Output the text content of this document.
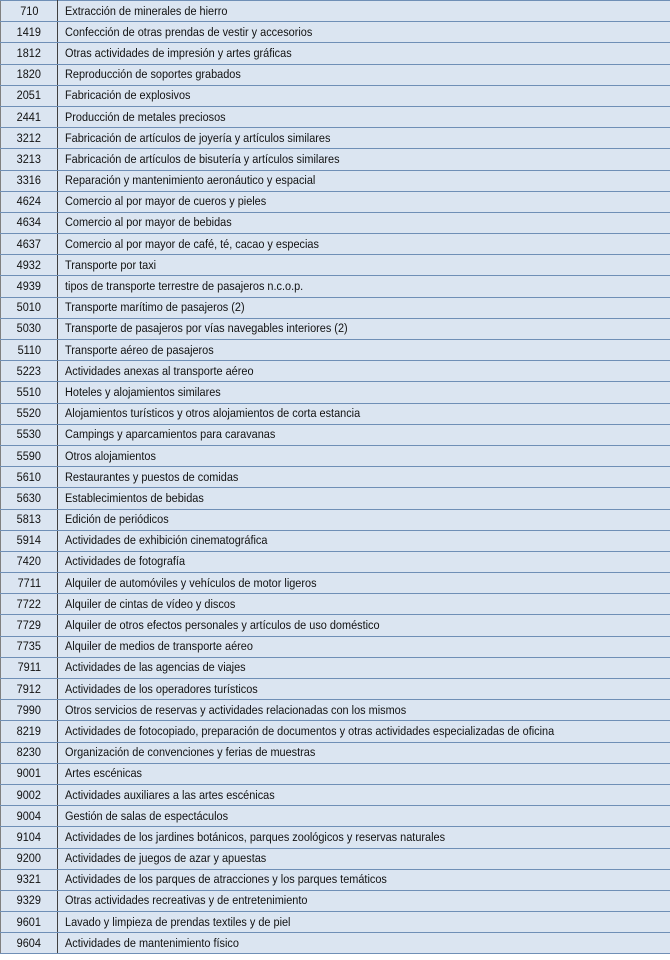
710	Extracción de minerales de hierro
1419	Confección de otras prendas de vestir y accesorios
1812	Otras actividades de impresión y artes gráficas
1820	Reproducción de soportes grabados
2051	Fabricación de explosivos
2441	Producción de metales preciosos
3212	Fabricación de artículos de joyería y artículos similares
3213	Fabricación de artículos de bisutería y artículos similares
3316	Reparación y mantenimiento aeronáutico y espacial
4624	Comercio al por mayor de cueros y pieles
4634	Comercio al por mayor de bebidas
4637	Comercio al por mayor de café, té, cacao y especias
4932	Transporte por taxi
4939	tipos de transporte terrestre de pasajeros n.c.o.p.
5010	Transporte marítimo de pasajeros (2)
5030	Transporte de pasajeros por vías navegables interiores (2)
5110	Transporte aéreo de pasajeros
5223	Actividades anexas al transporte aéreo
5510	Hoteles y alojamientos similares
5520	Alojamientos turísticos y otros alojamientos de corta estancia
5530	Campings y aparcamientos para caravanas
5590	Otros alojamientos
5610	Restaurantes y puestos de comidas
5630	Establecimientos de bebidas
5813	Edición de periódicos
5914	Actividades de exhibición cinematográfica
7420	Actividades de fotografía
7711	Alquiler de automóviles y vehículos de motor ligeros
7722	Alquiler de cintas de vídeo y discos
7729	Alquiler de otros efectos personales y artículos de uso doméstico
7735	Alquiler de medios de transporte aéreo
7911	Actividades de las agencias de viajes
7912	Actividades de los operadores turísticos
7990	Otros servicios de reservas y actividades relacionadas con los mismos
8219	Actividades de fotocopiado, preparación de documentos y otras actividades especializadas de oficina
8230	Organización de convenciones y ferias de muestras
9001	Artes escénicas
9002	Actividades auxiliares a las artes escénicas
9004	Gestión de salas de espectáculos
9104	Actividades de los jardines botánicos, parques zoológicos y reservas naturales
9200	Actividades de juegos de azar y apuestas
9321	Actividades de los parques de atracciones y los parques temáticos
9329	Otras actividades recreativas y de entretenimiento
9601	Lavado y limpieza de prendas textiles y de piel
9604	Actividades de mantenimiento físico
